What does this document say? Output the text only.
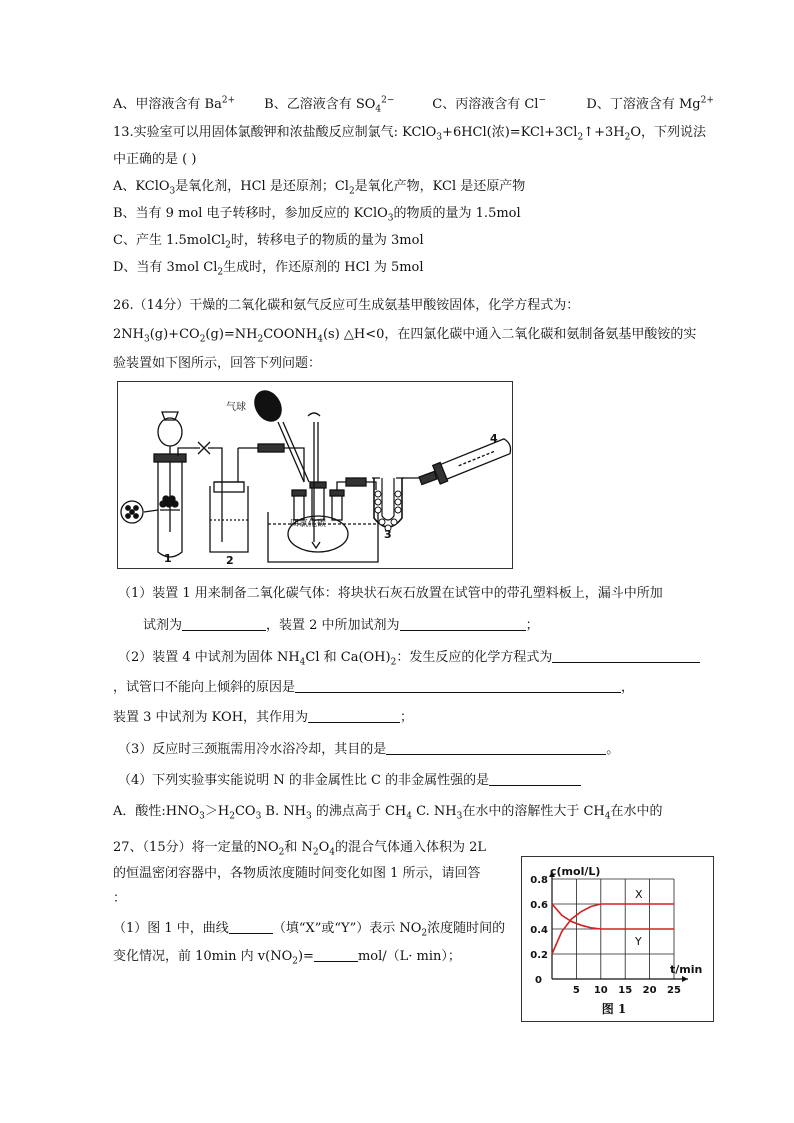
A、甲溶液含有 $Ba^{2+}$ B、乙溶液含有 $SO_4^{2-}$	C、丙溶液含有 Cl−	D、丁溶液含有 $Mg^{2+}$
13.实验室可以用固体氯酸钾和浓盐酸反应制氯气: KClO$_3$+6HCl(浓)$=KCl+3Cl_2↑+3H_2O$，下列说法
中正确的是 ( )
A、KClO$_3$是氧化剂，HCl 是还原剂；$Cl_2$是氧化产物，KCl 是还原产物
B、当有 9 mol 电子转移时，参加反应的 KClO$_3$的物质的量为 1.5mol
C、产生 1.5molCl$_2$时，转移电子的物质的量为 3mol
D、当有 3mol $Cl_2$生成时，作还原剂的 HCl 为 5mol
26.（14分）干燥的二氧化碳和氨气反应可生成氨基甲酸铵固体，化学方程式为：
$2NH_3(g)+CO_2(g)=NH_2COONH_4(s)$ △H<0，在四氯化碳中通入二氧化碳和氨制备氨基甲酸铵的实
验装置如下图所示，回答下列问题：
气球
1	2
3
4
四氯化碳
（1）装置 1 用来制备二氧化碳气体：将块状石灰石放置在试管中的带孔塑料板上，漏斗中所加
试剂为	，装置 2 中所加试剂为	；
（2）装置 4 中试剂为固体 $NH_4Cl$ 和 $Ca(OH)_2$：发生反应的化学方程式为
，试管口不能向上倾斜的原因是	，
装置 3 中试剂为 KOH，其作用为	；
（3）反应时三颈瓶需用冷水浴冷却，其目的是	。
（4）下列实验事实能说明 N 的非金属性比 C 的非金属性强的是
A．酸性$:HNO_3>H_2CO_3$ B. $NH_3$ 的沸点高于 $CH_4$ C. $NH_3$在水中的溶解性大于 $CH_4$在水中的
27、（15分）将一定量的$NO_2$和 $N_2O_4$的混合气体通入体积为 2L
的恒温密闭容器中，各物质浓度随时间变化如图 1 所示，请回答
：
（1）图 1 中，曲线	（填“X”或“Y”）表示 $NO_2$浓度随时间的
变化情况，前 10min 内 $v(NO_2)=$	mol/（L· min）；
5 10 15 20 25
0.2
0.4
0.6
0.8
0
c(mol/L)
t/min
X
Y
图 1
